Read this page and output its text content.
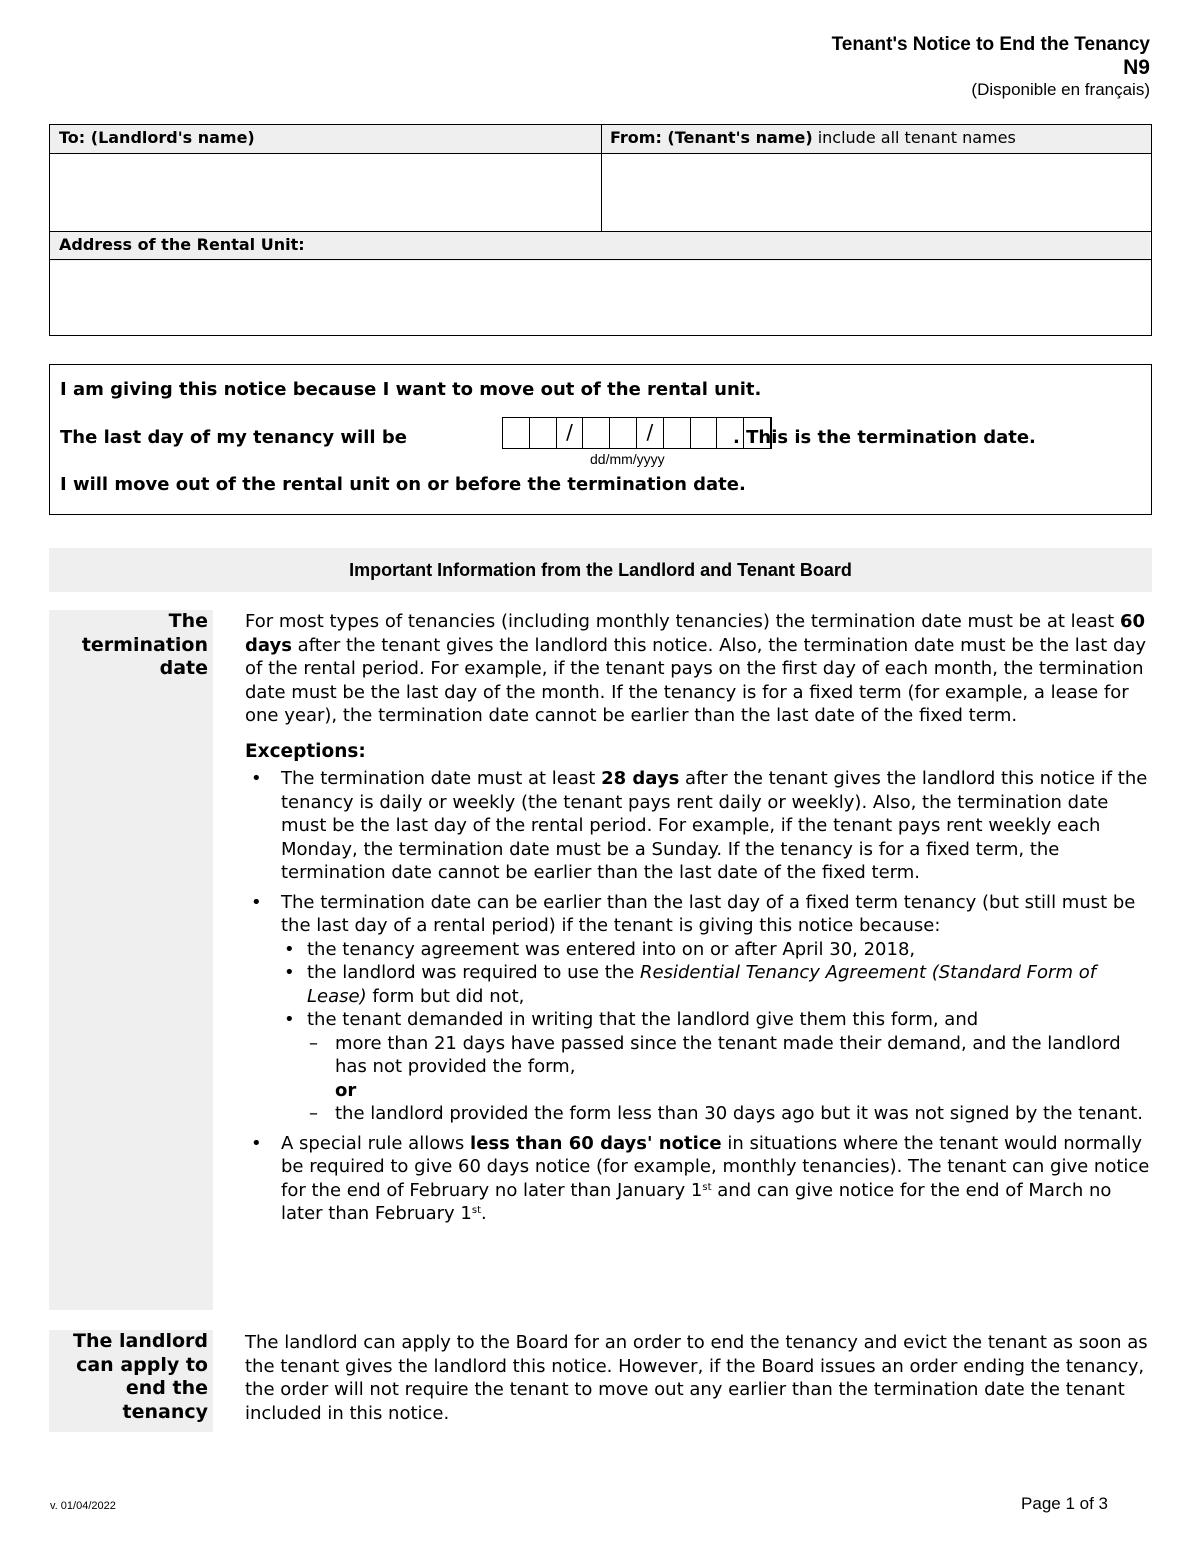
Tenant's Notice to End the Tenancy
N9
(Disponible en français)
To: (Landlord's name)	From: (Tenant's name) include all tenant names
Address of the Rental Unit:
I am giving this notice because I want to move out of the rental unit.
The last day of my tenancy will be	/	/	. This is the termination date.
dd/mm/yyyy
I will move out of the rental unit on or before the termination date.
Important Information from the Landlord and Tenant Board
The
termination
date

For most types of tenancies (including monthly tenancies) the termination date must be at least 60 days after the tenant gives the landlord this notice. Also, the termination date must be the last day of the rental period. For example, if the tenant pays on the first day of each month, the termination date must be the last day of the month. If the tenancy is for a fixed term (for example, a lease for one year), the termination date cannot be earlier than the last date of the fixed term.

Exceptions:
• The termination date must at least 28 days after the tenant gives the landlord this notice if the tenancy is daily or weekly (the tenant pays rent daily or weekly). Also, the termination date must be the last day of the rental period. For example, if the tenant pays rent weekly each Monday, the termination date must be a Sunday. If the tenancy is for a fixed term, the termination date cannot be earlier than the last date of the fixed term.
• The termination date can be earlier than the last day of a fixed term tenancy (but still must be the last day of a rental period) if the tenant is giving this notice because:
• the tenancy agreement was entered into on or after April 30, 2018,
• the landlord was required to use the Residential Tenancy Agreement (Standard Form of Lease) form but did not,
• the tenant demanded in writing that the landlord give them this form, and
– more than 21 days have passed since the tenant made their demand, and the landlord has not provided the form,
or
– the landlord provided the form less than 30 days ago but it was not signed by the tenant.
• A special rule allows less than 60 days' notice in situations where the tenant would normally be required to give 60 days notice (for example, monthly tenancies). The tenant can give notice for the end of February no later than January 1st and can give notice for the end of March no later than February 1st.
The landlord
can apply to
end the
tenancy
The landlord can apply to the Board for an order to end the tenancy and evict the tenant as soon as the tenant gives the landlord this notice. However, if the Board issues an order ending the tenancy, the order will not require the tenant to move out any earlier than the termination date the tenant included in this notice.
v. 01/04/2022	Page 1 of 3
